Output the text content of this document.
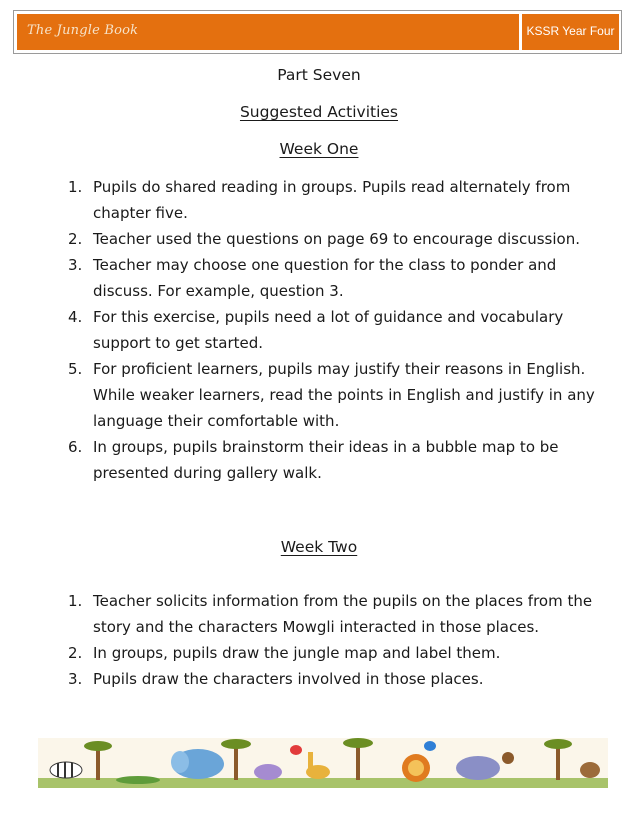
The Jungle Book	KSSR Year Four
Part Seven
Suggested Activities
Week One
1. Pupils do shared reading in groups. Pupils read alternately from chapter five.
2. Teacher used the questions on page 69 to encourage discussion.
3. Teacher may choose one question for the class to ponder and discuss. For example, question 3.
4. For this exercise, pupils need a lot of guidance and vocabulary support to get started.
5. For proficient learners, pupils may justify their reasons in English. While weaker learners, read the points in English and justify in any language their comfortable with.
6. In groups, pupils brainstorm their ideas in a bubble map to be presented during gallery walk.
Week Two
1. Teacher solicits information from the pupils on the places from the story and the characters Mowgli interacted in those places.
2. In groups, pupils draw the jungle map and label them.
3. Pupils draw the characters involved in those places.
